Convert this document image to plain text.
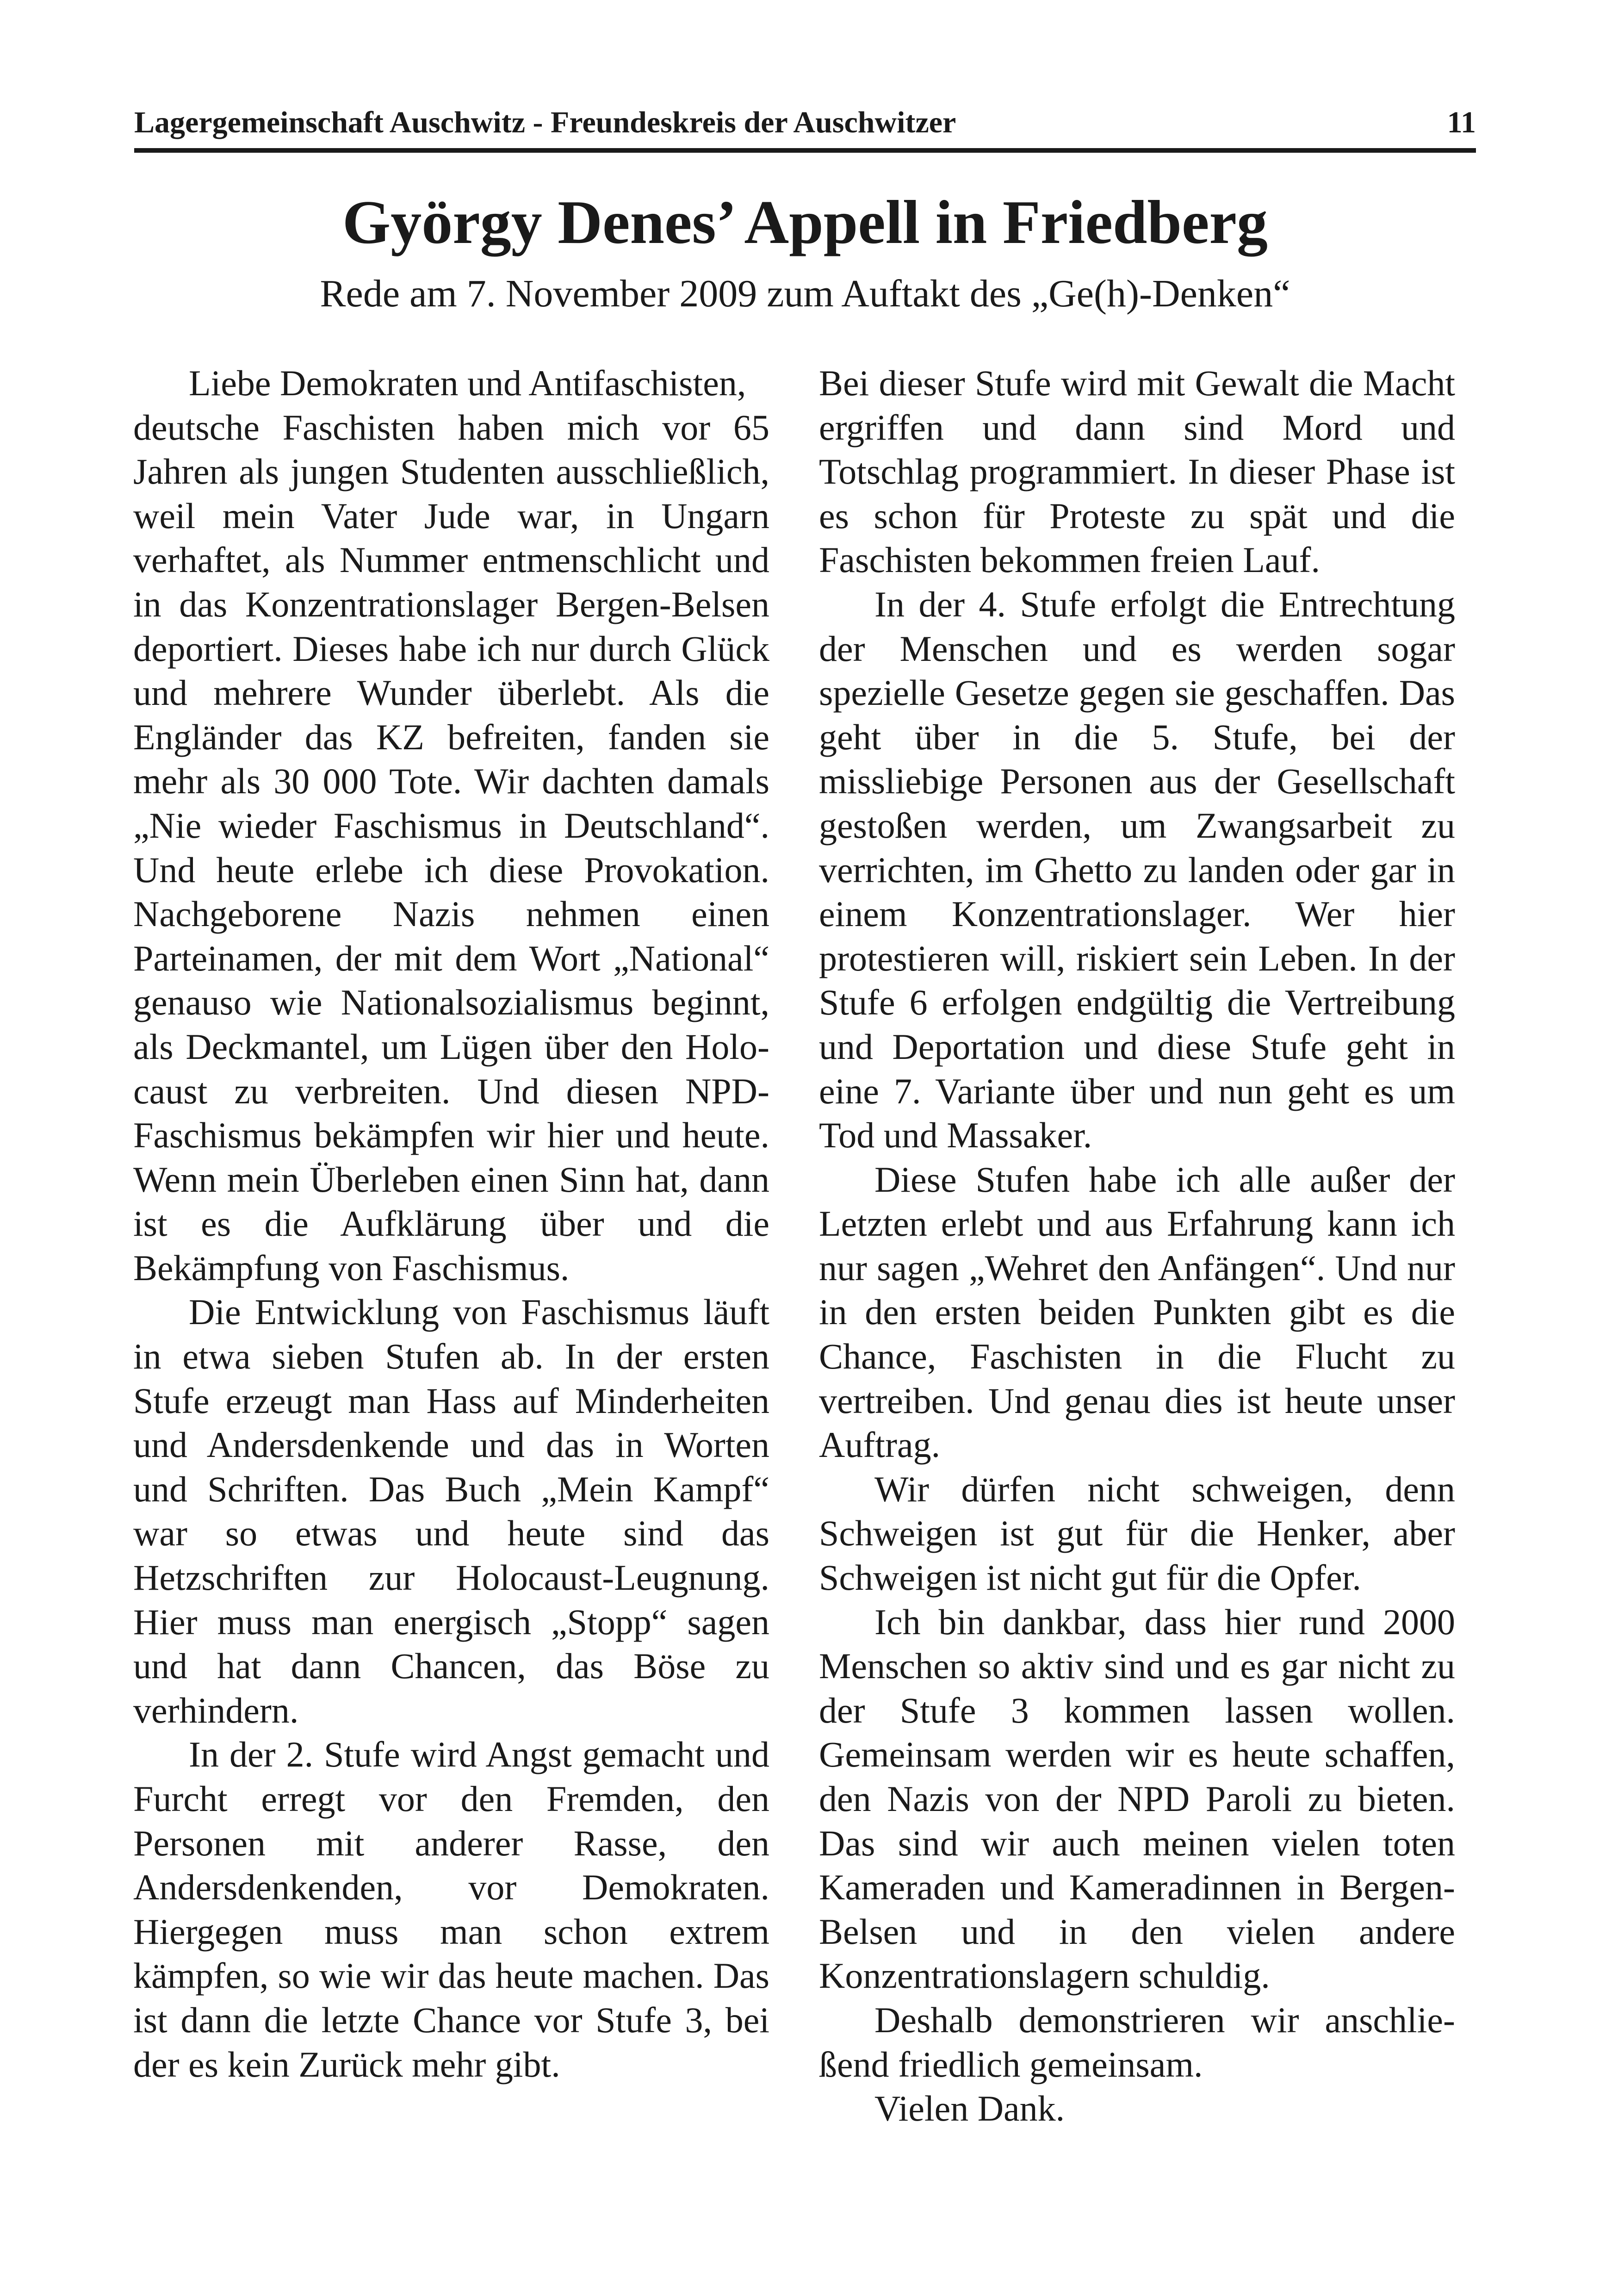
Lagergemeinschaft Auschwitz - Freundeskreis der Auschwitzer	11
György Denes’ Appell in Friedberg
Rede am 7. November 2009 zum Auftakt des „Ge(h)-Denken“

Liebe Demokraten und Antifaschisten,

deutsche Faschisten haben mich vor 65 Jahren als jungen Studenten ausschließlich, weil mein Vater Jude war, in Ungarn verhaftet, als Nummer entmenschlicht und in das Konzentrationslager Bergen-Belsen deportiert. Dieses habe ich nur durch Glück und mehrere Wunder überlebt. Als die Engländer das KZ befreiten, fanden sie mehr als 30 000 Tote. Wir dachten damals „Nie wieder Faschismus in Deutschland“. Und heute erlebe ich diese Provokation. Nachgeborene Nazis nehmen einen Parteinamen, der mit dem Wort „National“ genauso wie Nationalsozialismus beginnt, als Deckmantel, um Lügen über den Holocaust zu verbreiten. Und diesen NPD-Faschismus bekämpfen wir hier und heute. Wenn mein Überleben einen Sinn hat, dann ist es die Aufklärung über und die Bekämpfung von Faschismus.

Die Entwicklung von Faschismus läuft in etwa sieben Stufen ab. In der ersten Stufe erzeugt man Hass auf Minderheiten und Andersdenkende und das in Worten und Schriften. Das Buch „Mein Kampf“ war so etwas und heute sind das Hetzschriften zur Holocaust-Leugnung. Hier muss man energisch „Stopp“ sagen und hat dann Chancen, das Böse zu verhindern.

In der 2. Stufe wird Angst gemacht und Furcht erregt vor den Fremden, den Personen mit anderer Rasse, den Andersdenkenden, vor Demokraten. Hiergegen muss man schon extrem kämpfen, so wie wir das heute machen. Das ist dann die letzte Chance vor Stufe 3, bei der es kein Zurück mehr gibt.

Bei dieser Stufe wird mit Gewalt die Macht ergriffen und dann sind Mord und Totschlag programmiert. In dieser Phase ist es schon für Proteste zu spät und die Faschisten bekommen freien Lauf.

In der 4. Stufe erfolgt die Entrechtung der Menschen und es werden sogar spezielle Gesetze gegen sie geschaffen. Das geht über in die 5. Stufe, bei der missliebige Personen aus der Gesellschaft gestoßen werden, um Zwangsarbeit zu verrichten, im Ghetto zu landen oder gar in einem Konzentrationslager. Wer hier protestieren will, riskiert sein Leben. In der Stufe 6 erfolgen endgültig die Vertreibung und Deportation und diese Stufe geht in eine 7. Variante über und nun geht es um Tod und Massaker.

Diese Stufen habe ich alle außer der Letzten erlebt und aus Erfahrung kann ich nur sagen „Wehret den Anfängen“. Und nur in den ersten beiden Punkten gibt es die Chance, Faschisten in die Flucht zu vertreiben. Und genau dies ist heute unser Auftrag.

Wir dürfen nicht schweigen, denn Schweigen ist gut für die Henker, aber Schweigen ist nicht gut für die Opfer.

Ich bin dankbar, dass hier rund 2000 Menschen so aktiv sind und es gar nicht zu der Stufe 3 kommen lassen wollen. Gemeinsam werden wir es heute schaffen, den Nazis von der NPD Paroli zu bieten. Das sind wir auch meinen vielen toten Kameraden und Kameradinnen in Bergen-Belsen und in den vielen andere Konzentrationslagern schuldig.

Deshalb demonstrieren wir anschließend friedlich gemeinsam.

Vielen Dank.
